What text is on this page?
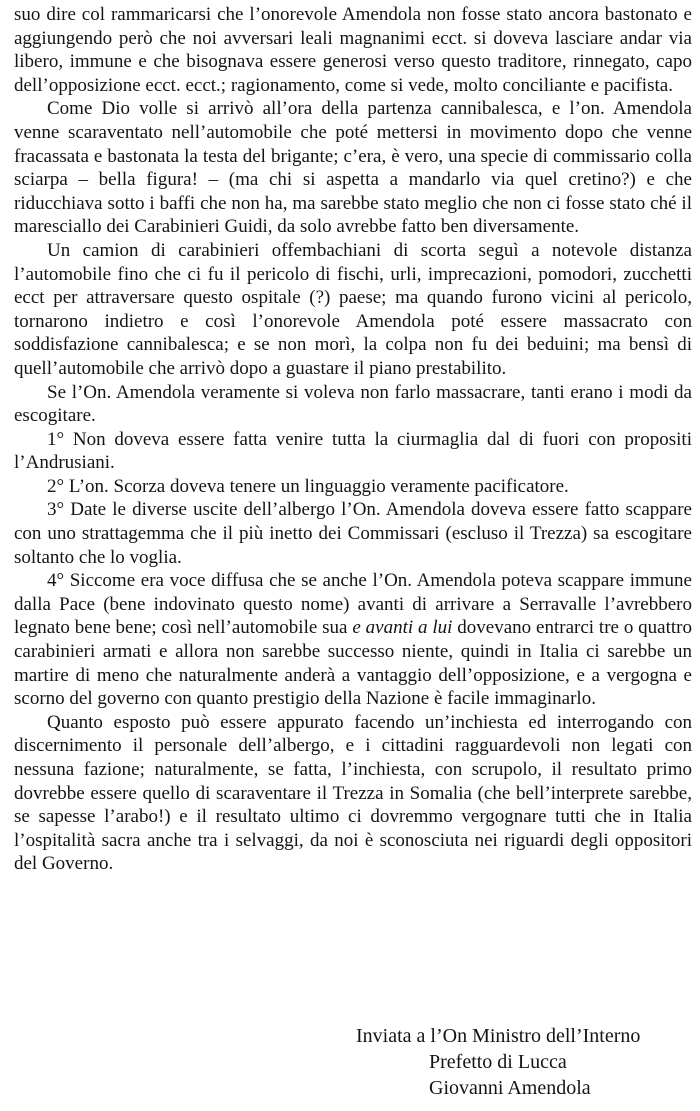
suo dire col rammaricarsi che l’onorevole Amendola non fosse stato ancora bastonato e aggiungendo però che noi avversari leali magnanimi ecct. si doveva lasciare andar via libero, immune e che bisognava essere generosi verso questo traditore, rinnegato, capo dell’opposizione ecct. ecct.; ragionamento, come si vede, molto conciliante e pacifista.

Come Dio volle si arrivò all’ora della partenza cannibalesca, e l’on. Amendola venne scaraventato nell’automobile che poté mettersi in movimento dopo che venne fracassata e bastonata la testa del brigante; c’era, è vero, una specie di commissario colla sciarpa – bella figura! – (ma chi si aspetta a mandarlo via quel cretino?) e che riducchiava sotto i baffi che non ha, ma sarebbe stato meglio che non ci fosse stato ché il maresciallo dei Carabinieri Guidi, da solo avrebbe fatto ben diversamente.

Un camion di carabinieri offembachiani di scorta seguì a notevole distanza l’automobile fino che ci fu il pericolo di fischi, urli, imprecazioni, pomodori, zucchetti ecct per attraversare questo ospitale (?) paese; ma quando furono vicini al pericolo, tornarono indietro e così l’onorevole Amendola poté essere massacrato con soddisfazione cannibalesca; e se non morì, la colpa non fu dei beduini; ma bensì di quell’automobile che arrivò dopo a guastare il piano prestabilito.

Se l’On. Amendola veramente si voleva non farlo massacrare, tanti erano i modi da escogitare.

1° Non doveva essere fatta venire tutta la ciurmaglia dal di fuori con propositi l’Andrusiani.

2° L’on. Scorza doveva tenere un linguaggio veramente pacificatore.

3° Date le diverse uscite dell’albergo l’On. Amendola doveva essere fatto scappare con uno strattagemma che il più inetto dei Commissari (escluso il Trezza) sa escogitare soltanto che lo voglia.

4° Siccome era voce diffusa che se anche l’On. Amendola poteva scappare immune dalla Pace (bene indovinato questo nome) avanti di arrivare a Serravalle l’avrebbero legnato bene bene; così nell’automobile sua e avanti a lui dovevano entrarci tre o quattro carabinieri armati e allora non sarebbe successo niente, quindi in Italia ci sarebbe un martire di meno che naturalmente anderà a vantaggio dell’opposizione, e a vergogna e scorno del governo con quanto prestigio della Nazione è facile immaginarlo.

Quanto esposto può essere appurato facendo un’inchiesta ed interrogando con discernimento il personale dell’albergo, e i cittadini ragguardevoli non legati con nessuna fazione; naturalmente, se fatta, l’inchiesta, con scrupolo, il resultato primo dovrebbe essere quello di scaraventare il Trezza in Somalia (che bell’interprete sarebbe, se sapesse l’arabo!) e il resultato ultimo ci dovremmo vergognare tutti che in Italia l’ospitalità sacra anche tra i selvaggi, da noi è sconosciuta nei riguardi degli oppositori del Governo.

Inviata a l’On Ministro dell’Interno
Prefetto di Lucca
Giovanni Amendola
